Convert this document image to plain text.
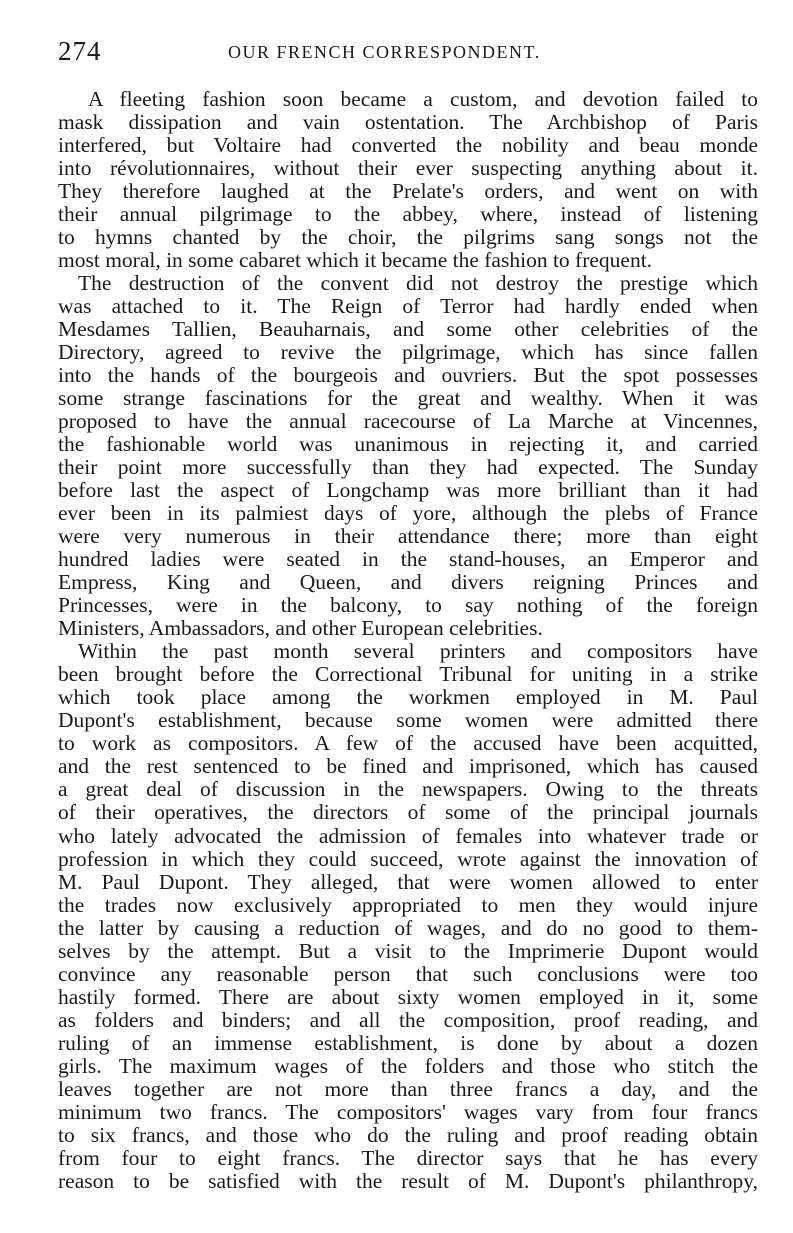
274	OUR FRENCH CORRESPONDENT.
A fleeting fashion soon became a custom, and devotion failed to
mask dissipation and vain ostentation. The Archbishop of Paris
interfered, but Voltaire had converted the nobility and beau monde
into révolutionnaires, without their ever suspecting anything about it.
They therefore laughed at the Prelate's orders, and went on with
their annual pilgrimage to the abbey, where, instead of listening
to hymns chanted by the choir, the pilgrims sang songs not the
most moral, in some cabaret which it became the fashion to frequent.
The destruction of the convent did not destroy the prestige which
was attached to it. The Reign of Terror had hardly ended when
Mesdames Tallien, Beauharnais, and some other celebrities of the
Directory, agreed to revive the pilgrimage, which has since fallen
into the hands of the bourgeois and ouvriers. But the spot possesses
some strange fascinations for the great and wealthy. When it was
proposed to have the annual racecourse of La Marche at Vincennes,
the fashionable world was unanimous in rejecting it, and carried
their point more successfully than they had expected. The Sunday
before last the aspect of Longchamp was more brilliant than it had
ever been in its palmiest days of yore, although the plebs of France
were very numerous in their attendance there; more than eight
hundred ladies were seated in the stand-houses, an Emperor and
Empress, King and Queen, and divers reigning Princes and
Princesses, were in the balcony, to say nothing of the foreign
Ministers, Ambassadors, and other European celebrities.
Within the past month several printers and compositors have
been brought before the Correctional Tribunal for uniting in a strike
which took place among the workmen employed in M. Paul
Dupont's establishment, because some women were admitted there
to work as compositors. A few of the accused have been acquitted,
and the rest sentenced to be fined and imprisoned, which has caused
a great deal of discussion in the newspapers. Owing to the threats
of their operatives, the directors of some of the principal journals
who lately advocated the admission of females into whatever trade or
profession in which they could succeed, wrote against the innovation of
M. Paul Dupont. They alleged, that were women allowed to enter
the trades now exclusively appropriated to men they would injure
the latter by causing a reduction of wages, and do no good to them-
selves by the attempt. But a visit to the Imprimerie Dupont would
convince any reasonable person that such conclusions were too
hastily formed. There are about sixty women employed in it, some
as folders and binders; and all the composition, proof reading, and
ruling of an immense establishment, is done by about a dozen
girls. The maximum wages of the folders and those who stitch the
leaves together are not more than three francs a day, and the
minimum two francs. The compositors' wages vary from four francs
to six francs, and those who do the ruling and proof reading obtain
from four to eight francs. The director says that he has every
reason to be satisfied with the result of M. Dupont's philanthropy,
